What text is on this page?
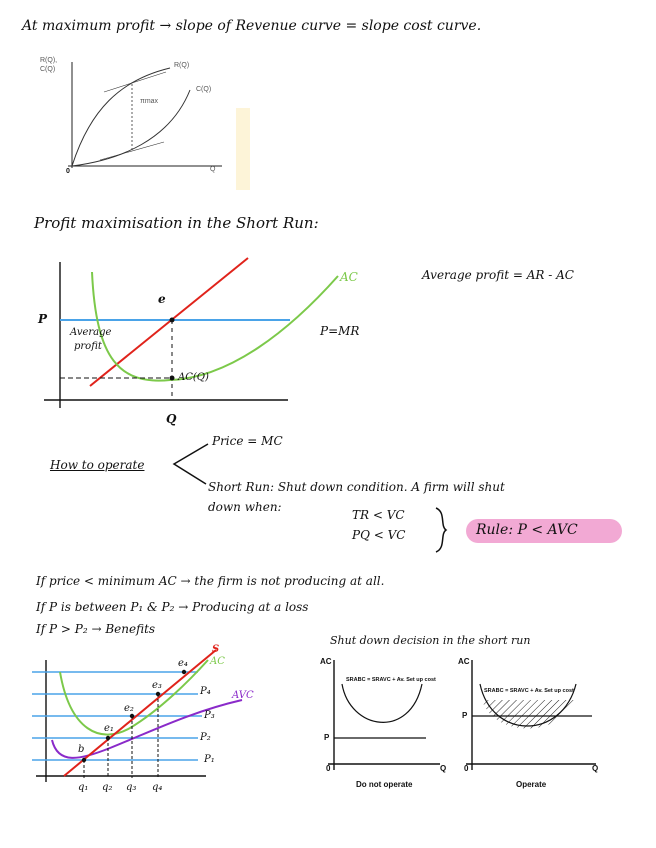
At maximum profit → slope of Revenue curve = slope cost curve.
R(Q),
C(Q)
R(Q)
C(Q)
πmax
0	Q
Profit maximisation in the Short Run:
P
e
AC
P=MR
Average
profit
AC(Q)
Q
Average profit = AR - AC
How to operate
Price = MC
Short Run: Shut down condition. A firm will shut
down when:
TR < VC
PQ < VC	Rule: P < AVC
If price < minimum AC → the firm is not producing at all.
If P is between P₁ & P₂ → Producing at a loss
If P > P₂ → Benefits
S
AC
AVC
e₄
e₃
e₂
e₁
b
P₄
P₃
P₂
P₁
q₁ q₂ q₃ q₄
Shut down decision in the short run
AC
SRABC = SRAVC + Av. Set up cost
P
0	Q
Do not operate
AC
SRABC = SRAVC + Av. Set up cost
P
0	Q
Operate
